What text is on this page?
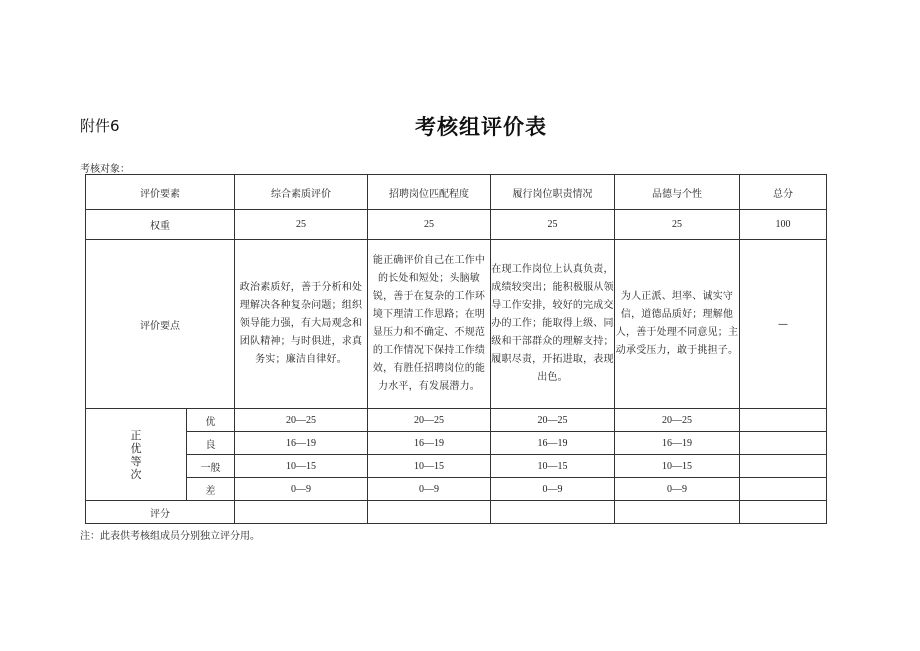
附件6	考核组评价表
考核对象：
评价要素		综合素质评价	招聘岗位匹配程度	履行岗位职责情况	品德与个性	总分
权重		25	25	25	25	100
评价要点		政治素质好，善于分析和处理解决各种复杂问题；组织领导能力强，有大局观念和团队精神；与时俱进，求真务实；廉洁自律好。	能正确评价自己在工作中的长处和短处；头脑敏锐，善于在复杂的工作环境下理清工作思路；在明显压力和不确定、不规范的工作情况下保持工作绩效，有胜任招聘岗位的能力水平，有发展潜力。	在现工作岗位上认真负责，成绩较突出；能积极服从领导工作安排，较好的完成交办的工作；能取得上级、同级和干部群众的理解支持；履职尽责，开拓进取，表现出色。	为人正派、坦率、诚实守信，道德品质好；理解他人，善于处理不同意见；主动承受压力，敢于挑担子。	—

正优等次	优	20—25	20—25	20—25	20—25	
	良	16—19	16—19	16—19	16—19	
	一般	10—15	10—15	10—15	10—15	
	差	0—9	0—9	0—9	0—9	
评分						
注：此表供考核组成员分别独立评分用。
